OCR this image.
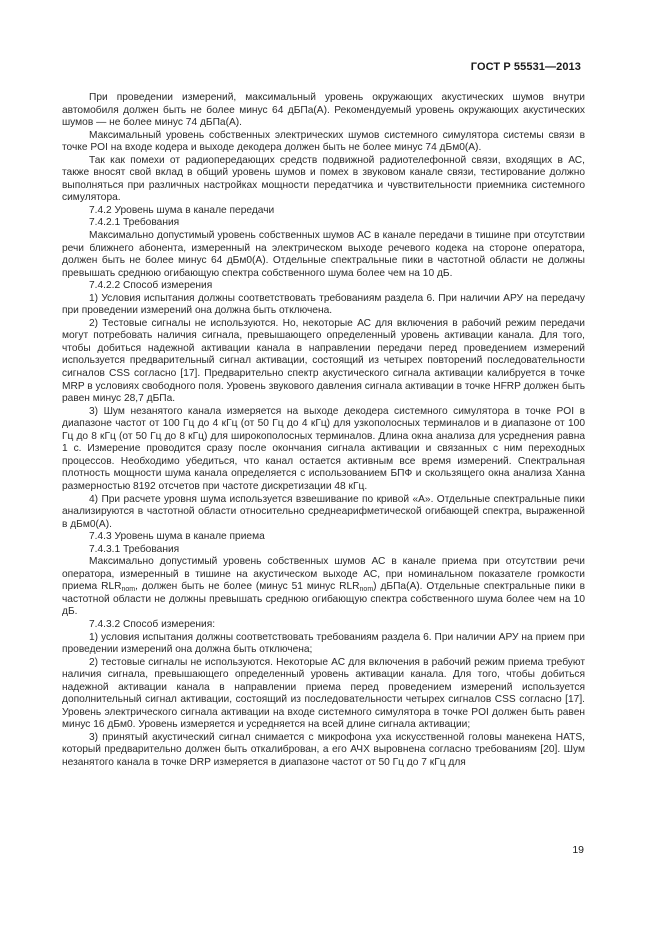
ГОСТ Р 55531—2013

При проведении измерений, максимальный уровень окружающих акустических шумов внутри автомобиля должен быть не более минус 64 дБПа(А). Рекомендуемый уровень окружающих акустических шумов — не более минус 74 дБПа(А).

Максимальный уровень собственных электрических шумов системного симулятора системы связи в точке POI на входе кодера и выходе декодера должен быть не более минус 74 дБм0(А).

Так как помехи от радиопередающих средств подвижной радиотелефонной связи, входящих в АС, также вносят свой вклад в общий уровень шумов и помех в звуковом канале связи, тестирование должно выполняться при различных настройках мощности передатчика и чувствительности приемника системного симулятора.

7.4.2 Уровень шума в канале передачи

7.4.2.1 Требования

Максимально допустимый уровень собственных шумов АС в канале передачи в тишине при отсутствии речи ближнего абонента, измеренный на электрическом выходе речевого кодека на стороне оператора, должен быть не более минус 64 дБм0(А). Отдельные спектральные пики в частотной области не должны превышать среднюю огибающую спектра собственного шума более чем на 10 дБ.

7.4.2.2 Способ измерения

1) Условия испытания должны соответствовать требованиям раздела 6. При наличии АРУ на передачу при проведении измерений она должна быть отключена.

2) Тестовые сигналы не используются. Но, некоторые АС для включения в рабочий режим передачи могут потребовать наличия сигнала, превышающего определенный уровень активации канала. Для того, чтобы добиться надежной активации канала в направлении передачи перед проведением измерений используется предварительный сигнал активации, состоящий из четырех повторений последовательности сигналов CSS согласно [17]. Предварительно спектр акустического сигнала активации калибруется в точке MRP в условиях свободного поля. Уровень звукового давления сигнала активации в точке HFRP должен быть равен минус 28,7 дБПа.

3) Шум незанятого канала измеряется на выходе декодера системного симулятора в точке POI в диапазоне частот от 100 Гц до 4 кГц (от 50 Гц до 4 кГц) для узкополосных терминалов и в диапазоне от 100 Гц до 8 кГц (от 50 Гц до 8 кГц) для широкополосных терминалов. Длина окна анализа для усреднения равна 1 с. Измерение проводится сразу после окончания сигнала активации и связанных с ним переходных процессов. Необходимо убедиться, что канал остается активным все время измерений. Спектральная плотность мощности шума канала определяется с использованием БПФ и скользящего окна анализа Ханна размерностью 8192 отсчетов при частоте дискретизации 48 кГц.

4) При расчете уровня шума используется взвешивание по кривой «А». Отдельные спектральные пики анализируются в частотной области относительно среднеарифметической огибающей спектра, выраженной в дБм0(А).

7.4.3 Уровень шума в канале приема

7.4.3.1 Требования

Максимально допустимый уровень собственных шумов АС в канале приема при отсутствии речи оператора, измеренный в тишине на акустическом выходе АС, при номинальном показателе громкости приема $RLR_{nom}$, должен быть не более (минус 51 минус $RLR_{nom}$) дБПа(А). Отдельные спектральные пики в частотной области не должны превышать среднюю огибающую спектра собственного шума более чем на 10 дБ.

7.4.3.2 Способ измерения:

1) условия испытания должны соответствовать требованиям раздела 6. При наличии АРУ на прием при проведении измерений она должна быть отключена;

2) тестовые сигналы не используются. Некоторые АС для включения в рабочий режим приема требуют наличия сигнала, превышающего определенный уровень активации канала. Для того, чтобы добиться надежной активации канала в направлении приема перед проведением измерений используется дополнительный сигнал активации, состоящий из последовательности четырех сигналов CSS согласно [17]. Уровень электрического сигнала активации на входе системного симулятора в точке POI должен быть равен минус 16 дБм0. Уровень измеряется и усредняется на всей длине сигнала активации;

3) принятый акустический сигнал снимается с микрофона уха искусственной головы манекена HATS, который предварительно должен быть откалиброван, а его АЧХ выровнена согласно требованиям [20]. Шум незанятого канала в точке DRP измеряется в диапазоне частот от 50 Гц до 7 кГц для

19
